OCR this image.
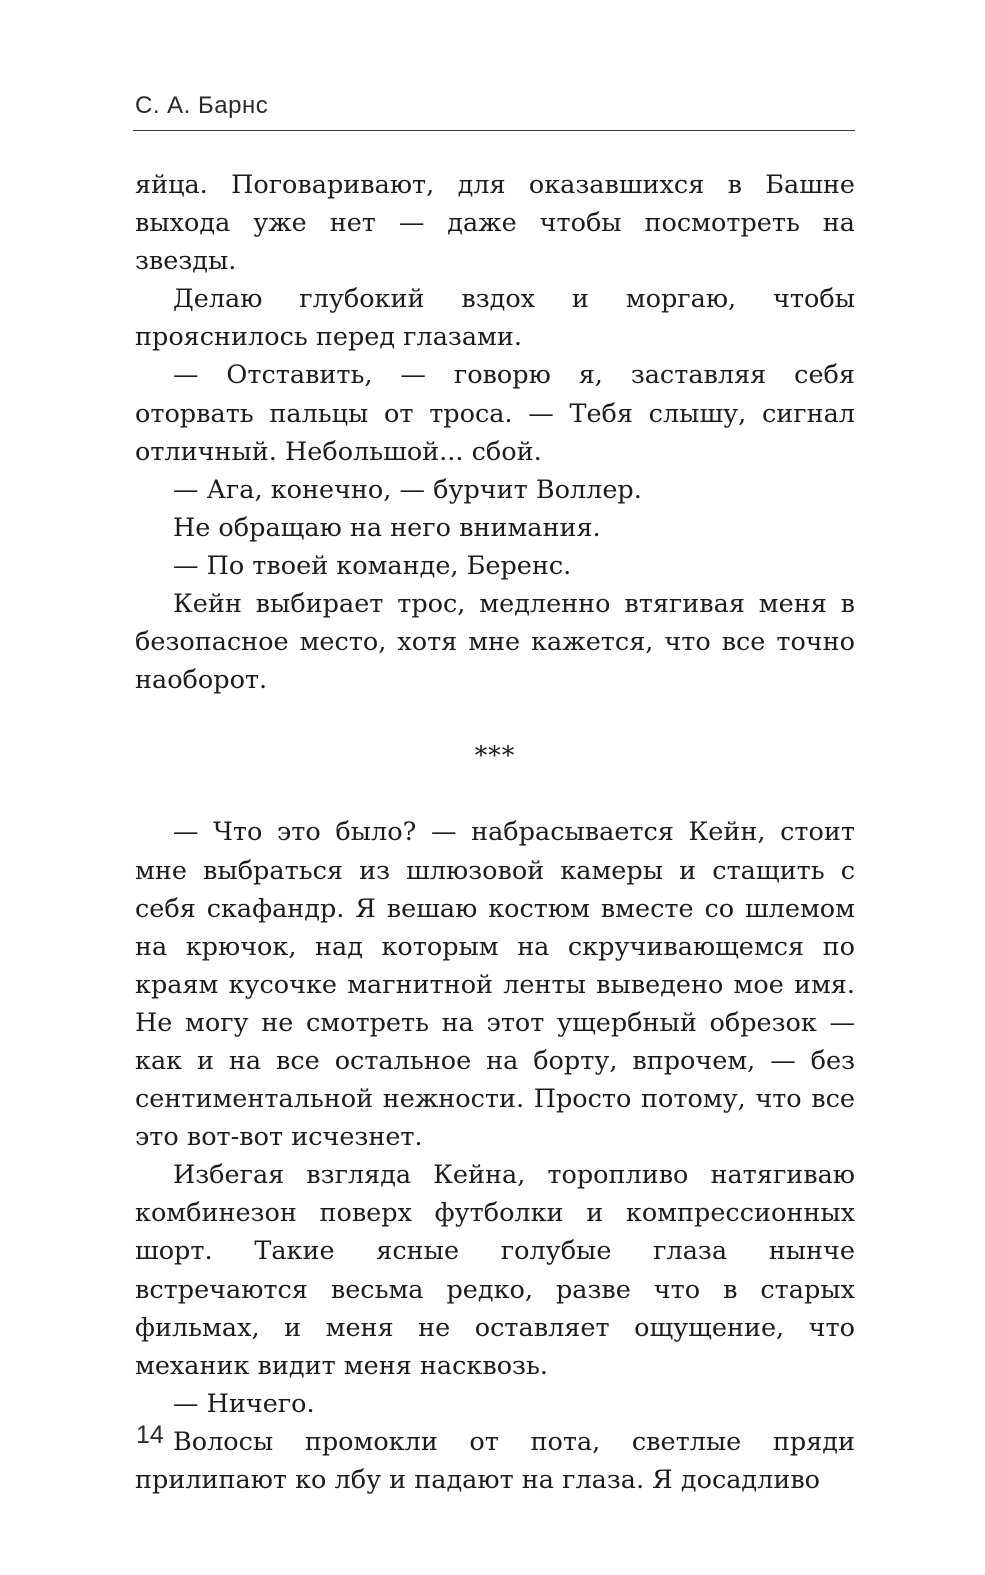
С. А. Барнс

яйца. Поговаривают, для оказавшихся в Башне выхода уже нет — даже чтобы посмотреть на звезды.

Делаю глубокий вздох и моргаю, чтобы прояснилось перед глазами.

— Отставить, — говорю я, заставляя себя оторвать пальцы от троса. — Тебя слышу, сигнал отличный. Небольшой... сбой.

— Ага, конечно, — бурчит Воллер.

Не обращаю на него внимания.

— По твоей команде, Беренс.

Кейн выбирает трос, медленно втягивая меня в безопасное место, хотя мне кажется, что все точно наоборот.

***

— Что это было? — набрасывается Кейн, стоит мне выбраться из шлюзовой камеры и стащить с себя скафандр. Я вешаю костюм вместе со шлемом на крючок, над которым на скручивающемся по краям кусочке магнитной ленты выведено мое имя. Не могу не смотреть на этот ущербный обрезок — как и на все остальное на борту, впрочем, — без сентиментальной нежности. Просто потому, что все это вот-вот исчезнет.

Избегая взгляда Кейна, торопливо натягиваю комбинезон поверх футболки и компрессионных шорт. Такие ясные голубые глаза нынче встречаются весьма редко, разве что в старых фильмах, и меня не оставляет ощущение, что механик видит меня насквозь.

— Ничего.

Волосы промокли от пота, светлые пряди прилипают ко лбу и падают на глаза. Я досадливо

14
